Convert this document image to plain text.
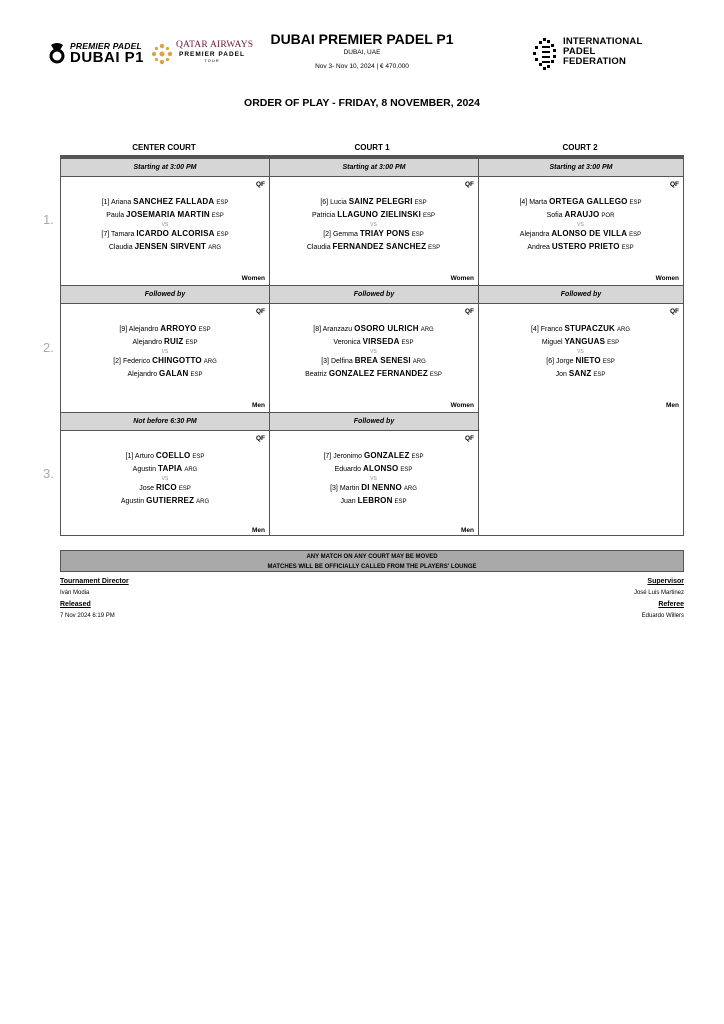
PREMIER PADEL
DUBAI P1
QATAR AIRWAYS
PREMIER PADEL
TOUR
DUBAI PREMIER PADEL P1
DUBAI, UAE
Nov 3- Nov 10, 2024 | € 470,000
INTERNATIONAL
PADEL
FEDERATION
ORDER OF PLAY - FRIDAY, 8 NOVEMBER, 2024
CENTER COURT	COURT 1	COURT 2
1.
2.
3.
Starting at 3:00 PM
QF
[1] Ariana SANCHEZ FALLADA ESP
Paula JOSEMARIA MARTIN ESP
VS
[7] Tamara ICARDO ALCORISA ESP
Claudia JENSEN SIRVENT ARG
Women
Starting at 3:00 PM
QF
[6] Lucia SAINZ PELEGRI ESP
Patricia LLAGUNO ZIELINSKI ESP
VS
[2] Gemma TRIAY PONS ESP
Claudia FERNANDEZ SANCHEZ ESP
Women
Starting at 3:00 PM
QF
[4] Marta ORTEGA GALLEGO ESP
Sofia ARAUJO POR
VS
Alejandra ALONSO DE VILLA ESP
Andrea USTERO PRIETO ESP
Women
Followed by
QF
[9] Alejandro ARROYO ESP
Alejandro RUIZ ESP
VS
[2] Federico CHINGOTTO ARG
Alejandro GALAN ESP
Men
Followed by
QF
[8] Aranzazu OSORO ULRICH ARG
Veronica VIRSEDA ESP
VS
[3] Delfina BREA SENESI ARG
Beatriz GONZALEZ FERNANDEZ ESP
Women
Followed by
QF
[4] Franco STUPACZUK ARG
Miguel YANGUAS ESP
VS
[6] Jorge NIETO ESP
Jon SANZ ESP
Men
Not before 6:30 PM
QF
[1] Arturo COELLO ESP
Agustin TAPIA ARG
VS
Jose RICO ESP
Agustin GUTIERREZ ARG
Men
Followed by
QF
[7] Jeronimo GONZALEZ ESP
Eduardo ALONSO ESP
VS
[3] Martin DI NENNO ARG
Juan LEBRON ESP
Men
ANY MATCH ON ANY COURT MAY BE MOVED
MATCHES WILL BE OFFICIALLY CALLED FROM THE PLAYERS' LOUNGE
Tournament Director
Iván Modia
Released
7 Nov 2024 6:19 PM
Supervisor
José Luis Martinez
Referee
Eduardo Willers
